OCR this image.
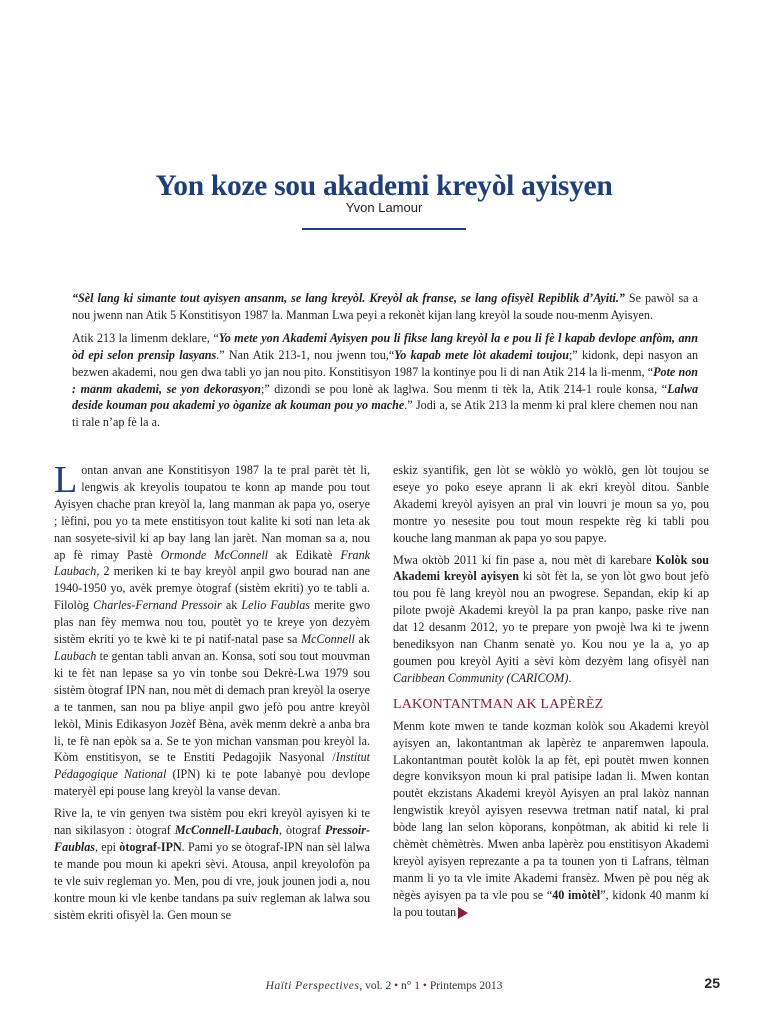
Yon koze sou akademi kreyòl ayisyen
Yvon Lamour

“Sèl lang ki simante tout ayisyen ansanm, se lang kreyòl. Kreyòl ak franse, se lang ofisyèl Repiblik d’Ayiti.” Se pawòl sa a nou jwenn nan Atik 5 Konstitisyon 1987 la. Manman Lwa peyi a rekonèt kijan lang kreyòl la soude nou-menm Ayisyen.

Atik 213 la limenm deklare, “Yo mete yon Akademi Ayisyen pou li fikse lang kreyòl la e pou li fè l kapab devlope anfòm, ann òd epi selon prensip lasyans.” Nan Atik 213-1, nou jwenn tou,“Yo kapab mete lòt akademi toujou;” kidonk, depi nasyon an bezwen akademi, nou gen dwa tabli yo jan nou pito. Konstitisyon 1987 la kontinye pou li di nan Atik 214 la li-menm, “Pote non : manm akademi, se yon dekorasyon;” dizondi se pou lonè ak laglwa. Sou menm ti tèk la, Atik 214-1 roule konsa, “Lalwa deside kouman pou akademi yo òganize ak kouman pou yo mache.” Jodi a, se Atik 213 la menm ki pral klere chemen nou nan ti rale n’ap fè la a.

Lontan anvan ane Konstitisyon 1987 la te pral parèt tèt li, lengwis ak kreyolis toupatou te konn ap mande pou tout Ayisyen chache pran kreyòl la, lang manman ak papa yo, oserye ; lèfini, pou yo ta mete enstitisyon tout kalite ki soti nan leta ak nan sosyete-sivil ki ap bay lang lan jarèt. Nan moman sa a, nou ap fè rimay Pastè Ormonde McConnell ak Edikatè Frank Laubach, 2 meriken ki te bay kreyòl anpil gwo bourad nan ane 1940-1950 yo, avèk premye òtograf (sistèm ekriti) yo te tabli a. Filològ Charles-Fernand Pressoir ak Lelio Faublas merite gwo plas nan fèy memwa nou tou, poutèt yo te kreye yon dezyèm sistèm ekriti yo te kwè ki te pi natif-natal pase sa McConnell ak Laubach te gentan tabli anvan an. Konsa, soti sou tout mouvman ki te fèt nan lepase sa yo vin tonbe sou Dekrè-Lwa 1979 sou sistèm òtograf IPN nan, nou mèt di demach pran kreyòl la oserye a te tanmen, san nou pa bliye anpil gwo jefò pou antre kreyòl lekòl, Minis Edikasyon Jozèf Bèna, avèk menm dekrè a anba bra li, te fè nan epòk sa a. Se te yon michan vansman pou kreyòl la. Kòm enstitisyon, se te Enstiti Pedagojik Nasyonal /Institut Pédagogique National (IPN) ki te pote labanyè pou devlope materyèl epi pouse lang kreyòl la vanse devan.

Rive la, te vin genyen twa sistèm pou ekri kreyòl ayisyen ki te nan sikilasyon : òtograf McConnell-Laubach, òtograf Pressoir-Faublas, epi òtograf-IPN. Pami yo se òtograf-IPN nan sèl lalwa te mande pou moun ki apekri sèvi. Atousa, anpil kreyolofòn pa te vle suiv regleman yo. Men, pou di vre, jouk jounen jodi a, nou kontre moun ki vle kenbe tandans pa suiv regleman ak lalwa sou sistèm ekriti ofisyèl la. Gen moun se

eskiz syantifik, gen lòt se wòklò yo wòklò, gen lòt toujou se eseye yo poko eseye aprann li ak ekri kreyòl ditou. Sanble Akademi kreyòl ayisyen an pral vin louvri je moun sa yo, pou montre yo nesesite pou tout moun respekte règ ki tabli pou kouche lang manman ak papa yo sou papye.

Mwa oktòb 2011 ki fin pase a, nou mèt di karebare Kolòk sou Akademi kreyòl ayisyen ki sòt fèt la, se yon lòt gwo bout jefò tou pou fè lang kreyòl nou an pwogrese. Sepandan, ekip ki ap pilote pwojè Akademi kreyòl la pa pran kanpo, paske rive nan dat 12 desanm 2012, yo te prepare yon pwojè lwa ki te jwenn benediksyon nan Chanm senatè yo. Kou nou ye la a, yo ap goumen pou kreyòl Ayiti a sèvi kòm dezyèm lang ofisyèl nan Caribbean Community (CARICOM).

LAKONTANTMAN AK LAPÈRÈZ

Menm kote mwen te tande kozman kolòk sou Akademi kreyòl ayisyen an, lakontantman ak lapèrèz te anparemwen lapoula. Lakontantman poutèt kolòk la ap fèt, epi poutèt mwen konnen degre konviksyon moun ki pral patisipe ladan li. Mwen kontan poutèt ekzistans Akademi kreyòl Ayisyen an pral lakòz nannan lengwistik kreyòl ayisyen resevwa tretman natif natal, ki pral bòde lang lan selon kòporans, konpòtman, ak abitid ki rele li chèmèt chèmètrès. Mwen anba lapèrèz pou enstitisyon Akademi kreyòl ayisyen reprezante a pa ta tounen yon ti Lafrans, tèlman manm li yo ta vle imite Akademi fransèz. Mwen pè pou nèg ak nègès ayisyen pa ta vle pou se “40 imòtèl”, kidonk 40 manm ki la pou toutan

Haïti Perspectives, vol. 2 • n° 1 • Printemps 2013	25
